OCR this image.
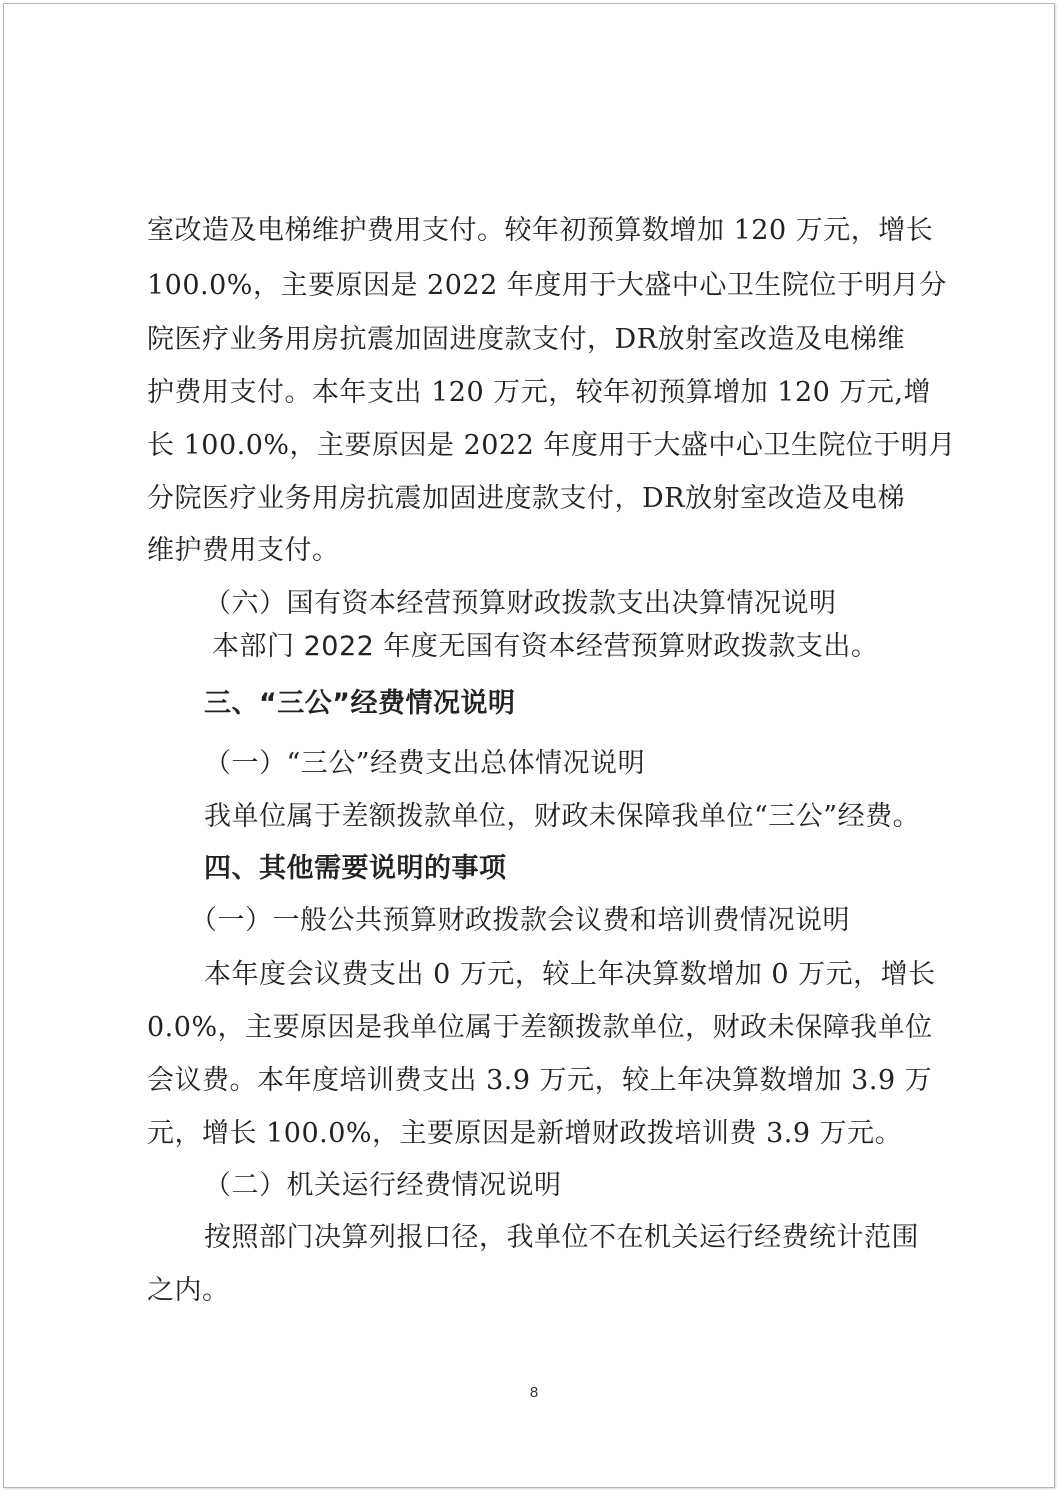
室改造及电梯维护费用支付。较年初预算数增加 120 万元，增长
100.0%，主要原因是 2022 年度用于大盛中心卫生院位于明月分
院医疗业务用房抗震加固进度款支付，DR放射室改造及电梯维
护费用支付。本年支出 120 万元，较年初预算增加 120 万元,增
长 100.0%，主要原因是 2022 年度用于大盛中心卫生院位于明月
分院医疗业务用房抗震加固进度款支付，DR放射室改造及电梯
维护费用支付。
（六）国有资本经营预算财政拨款支出决算情况说明
本部门 2022 年度无国有资本经营预算财政拨款支出。
三、“三公”经费情况说明
（一）“三公”经费支出总体情况说明
我单位属于差额拨款单位，财政未保障我单位“三公”经费。
四、其他需要说明的事项
（一）一般公共预算财政拨款会议费和培训费情况说明
本年度会议费支出 0 万元，较上年决算数增加 0 万元，增长
0.0%，主要原因是我单位属于差额拨款单位，财政未保障我单位
会议费。本年度培训费支出 3.9 万元，较上年决算数增加 3.9 万
元，增长 100.0%，主要原因是新增财政拨培训费 3.9 万元。
（二）机关运行经费情况说明
按照部门决算列报口径，我单位不在机关运行经费统计范围
之内。
8
